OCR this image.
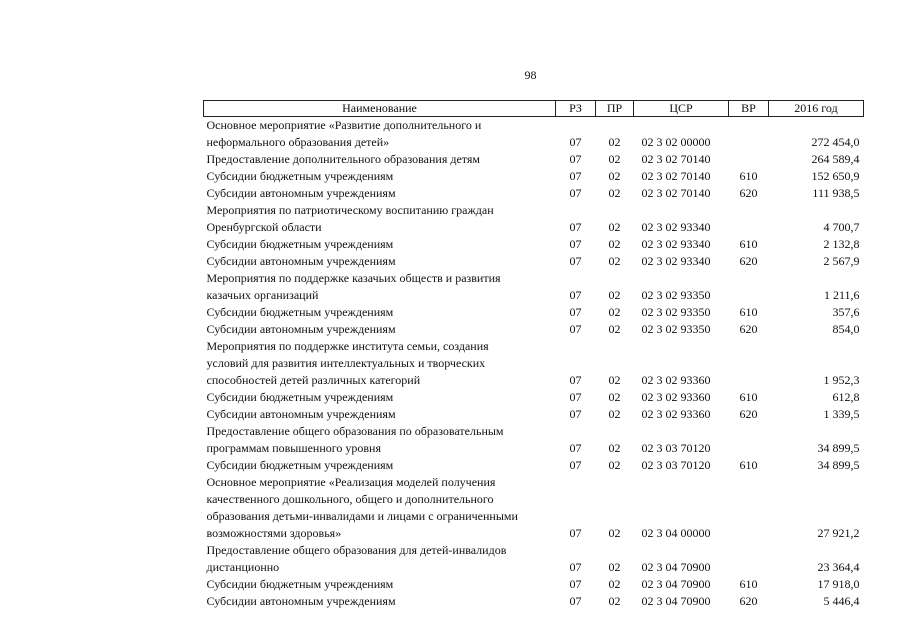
98
Наименование	РЗ	ПР	ЦСР	ВР	2016 год

Основное мероприятие «Развитие дополнительного и
неформального образования детей»	07	02	02 3 02 00000		272 454,0

Предоставление дополнительного образования детям	07	02	02 3 02 70140		264 589,4

Субсидии бюджетным учреждениям	07	02	02 3 02 70140	610	152 650,9

Субсидии автономным учреждениям	07	02	02 3 02 70140	620	111 938,5

Мероприятия по патриотическому воспитанию граждан
Оренбургской области	07	02	02 3 02 93340		4 700,7

Субсидии бюджетным учреждениям	07	02	02 3 02 93340	610	2 132,8

Субсидии автономным учреждениям	07	02	02 3 02 93340	620	2 567,9

Мероприятия по поддержке казачьих обществ и развития
казачьих организаций	07	02	02 3 02 93350		1 211,6

Субсидии бюджетным учреждениям	07	02	02 3 02 93350	610	357,6

Субсидии автономным учреждениям	07	02	02 3 02 93350	620	854,0

Мероприятия по поддержке института семьи, создания
условий для развития интеллектуальных и творческих
способностей детей различных категорий	07	02	02 3 02 93360		1 952,3

Субсидии бюджетным учреждениям	07	02	02 3 02 93360	610	612,8

Субсидии автономным учреждениям	07	02	02 3 02 93360	620	1 339,5

Предоставление общего образования по образовательным
программам повышенного уровня	07	02	02 3 03 70120		34 899,5

Субсидии бюджетным учреждениям	07	02	02 3 03 70120	610	34 899,5

Основное мероприятие «Реализация моделей получения
качественного дошкольного, общего и дополнительного
образования детьми-инвалидами и лицами с ограниченными
возможностями здоровья»	07	02	02 3 04 00000		27 921,2

Предоставление общего образования для детей-инвалидов
дистанционно	07	02	02 3 04 70900		23 364,4

Субсидии бюджетным учреждениям	07	02	02 3 04 70900	610	17 918,0

Субсидии автономным учреждениям	07	02	02 3 04 70900	620	5 446,4
